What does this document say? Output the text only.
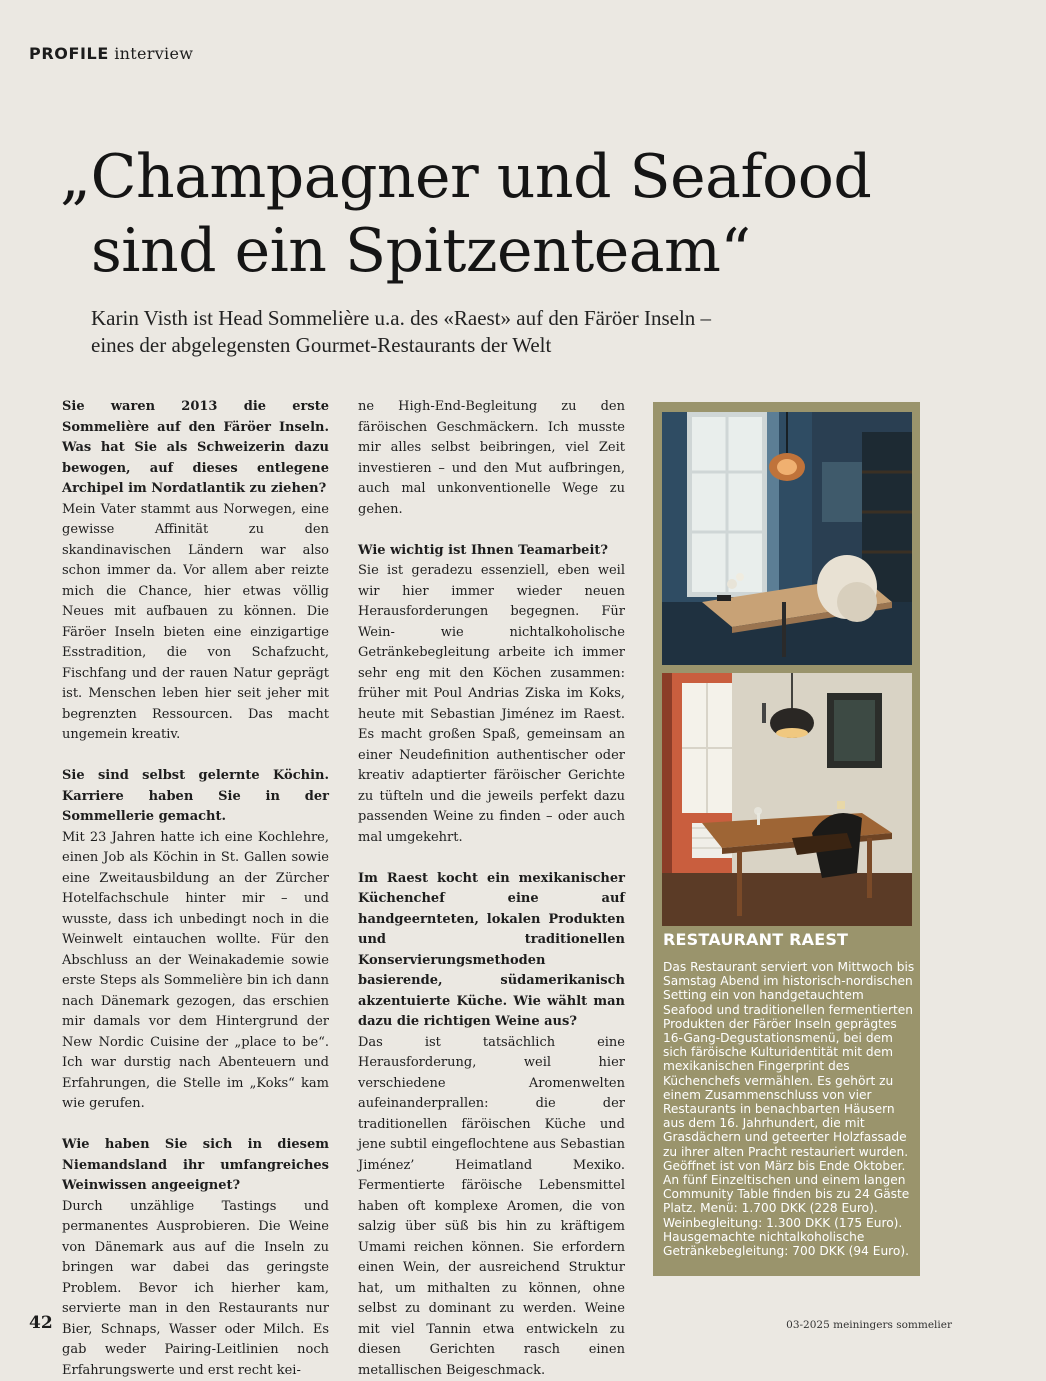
PROFILE interview
„Champagner und Seafood
sind ein Spitzenteam“

Karin Visth ist Head Sommelière u.a. des «Raest» auf den Färöer Inseln –
eines der abgelegensten Gourmet-Restaurants der Welt

Sie waren 2013 die erste Sommelière auf den Färöer Inseln. Was hat Sie als Schweizerin dazu bewogen, auf dieses entlegene Archipel im Nordatlantik zu ziehen?

Mein Vater stammt aus Norwegen, eine gewisse Affinität zu den skandinavischen Ländern war also schon immer da. Vor allem aber reizte mich die Chance, hier etwas völlig Neues mit aufbauen zu können. Die Färöer Inseln bieten eine einzigartige Esstradition, die von Schafzucht, Fischfang und der rauen Natur geprägt ist. Menschen leben hier seit jeher mit begrenzten Ressourcen. Das macht ungemein kreativ.

Sie sind selbst gelernte Köchin. Karriere haben Sie in der Sommellerie gemacht.

Mit 23 Jahren hatte ich eine Kochlehre, einen Job als Köchin in St. Gallen sowie eine Zweitausbildung an der Zürcher Hotelfachschule hinter mir – und wusste, dass ich unbedingt noch in die Weinwelt eintauchen wollte. Für den Abschluss an der Weinakademie sowie erste Steps als Sommelière bin ich dann nach Dänemark gezogen, das erschien mir damals vor dem Hintergrund der New Nordic Cuisine der „place to be“. Ich war durstig nach Abenteuern und Erfahrungen, die Stelle im „Koks“ kam wie gerufen.

Wie haben Sie sich in diesem Niemandsland ihr umfangreiches Weinwissen angeeignet?

Durch unzählige Tastings und permanentes Ausprobieren. Die Weine von Dänemark aus auf die Inseln zu bringen war dabei das geringste Problem. Bevor ich hierher kam, servierte man in den Restaurants nur Bier, Schnaps, Wasser oder Milch. Es gab weder Pairing-Leitlinien noch Erfahrungswerte und erst recht kei-

ne High-End-Begleitung zu den färöischen Geschmäckern. Ich musste mir alles selbst beibringen, viel Zeit investieren – und den Mut aufbringen, auch mal unkonventionelle Wege zu gehen.

Wie wichtig ist Ihnen Teamarbeit?

Sie ist geradezu essenziell, eben weil wir hier immer wieder neuen Herausforderungen begegnen. Für Wein- wie nichtalkoholische Getränkebegleitung arbeite ich immer sehr eng mit den Köchen zusammen: früher mit Poul Andrias Ziska im Koks, heute mit Sebastian Jiménez im Raest. Es macht großen Spaß, gemeinsam an einer Neudefinition authentischer oder kreativ adaptierter färöischer Gerichte zu tüfteln und die jeweils perfekt dazu passenden Weine zu finden – oder auch mal umgekehrt.

Im Raest kocht ein mexikanischer Küchenchef eine auf handgeernteten, lokalen Produkten und traditionellen Konservierungsmethoden basierende, südamerikanisch akzentuierte Küche. Wie wählt man dazu die richtigen Weine aus?

Das ist tatsächlich eine Herausforderung, weil hier verschiedene Aromenwelten aufeinanderprallen: die der traditionellen färöischen Küche und jene subtil eingeflochtene aus Sebastian Jiménez’ Heimatland Mexiko. Fermentierte färöische Lebensmittel haben oft komplexe Aromen, die von salzig über süß bis hin zu kräftigem Umami reichen können. Sie erfordern einen Wein, der ausreichend Struktur hat, um mithalten zu können, ohne selbst zu dominant zu werden. Weine mit viel Tannin etwa entwickeln zu diesen Gerichten rasch einen metallischen Beigeschmack.

RESTAURANT RAEST

Das Restaurant serviert von Mittwoch bis Samstag Abend im historisch-nordischen Setting ein von handgetauchtem Seafood und traditionellen fermentierten Produkten der Färöer Inseln geprägtes 16-Gang-Degustationsmenü, bei dem sich färöische Kulturidentität mit dem mexikanischen Fingerprint des Küchenchefs vermählen. Es gehört zu einem Zusammenschluss von vier Restaurants in benachbarten Häusern aus dem 16. Jahrhundert, die mit Grasdächern und geteerter Holzfassade zu ihrer alten Pracht restauriert wurden. Geöffnet ist von März bis Ende Oktober. An fünf Einzeltischen und einem langen Community Table finden bis zu 24 Gäste Platz. Menü: 1.700 DKK (228 Euro). Weinbegleitung: 1.300 DKK (175 Euro). Hausgemachte nichtalkoholische Getränkebegleitung: 700 DKK (94 Euro).

42	03-2025 meiningers sommelier
